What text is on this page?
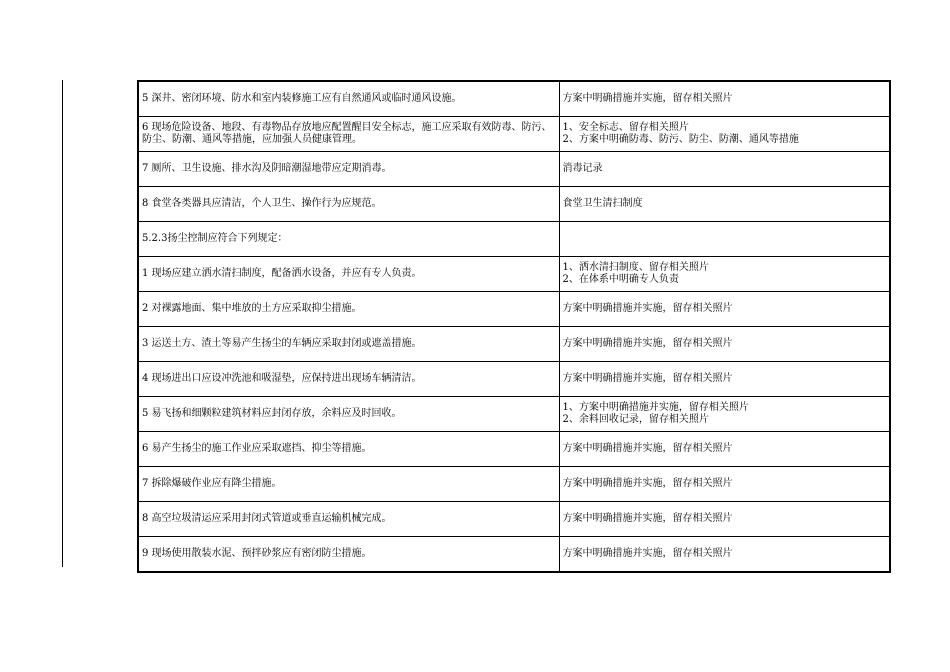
5 深井、密闭环境、防水和室内装修施工应有自然通风或临时通风设施。	方案中明确措施并实施，留存相关照片
6 现场危险设备、地段、有毒物品存放地应配置醒目安全标志，施工应采取有效防毒、防污、防尘、防潮、通风等措施，应加强人员健康管理。	1、安全标志、留存相关照片
2、方案中明确防毒、防污、防尘、防潮、通风等措施
7 厕所、卫生设施、排水沟及阴暗潮湿地带应定期消毒。	消毒记录
8 食堂各类器具应清洁，个人卫生、操作行为应规范。	食堂卫生清扫制度
5.2.3扬尘控制应符合下列规定：	
1 现场应建立洒水清扫制度，配备洒水设备，并应有专人负责。	1、洒水清扫制度、留存相关照片
2、在体系中明确专人负责
2 对裸露地面、集中堆放的土方应采取抑尘措施。	方案中明确措施并实施，留存相关照片
3 运送土方、渣土等易产生扬尘的车辆应采取封闭或遮盖措施。	方案中明确措施并实施，留存相关照片
4 现场进出口应设冲洗池和吸湿垫，应保持进出现场车辆清洁。	方案中明确措施并实施，留存相关照片
5 易飞扬和细颗粒建筑材料应封闭存放，余料应及时回收。	1、方案中明确措施并实施，留存相关照片
2、余料回收记录，留存相关照片
6 易产生扬尘的施工作业应采取遮挡、抑尘等措施。	方案中明确措施并实施，留存相关照片
7 拆除爆破作业应有降尘措施。	方案中明确措施并实施，留存相关照片
8 高空垃圾清运应采用封闭式管道或垂直运输机械完成。	方案中明确措施并实施，留存相关照片
9 现场使用散装水泥、预拌砂浆应有密闭防尘措施。	方案中明确措施并实施，留存相关照片
